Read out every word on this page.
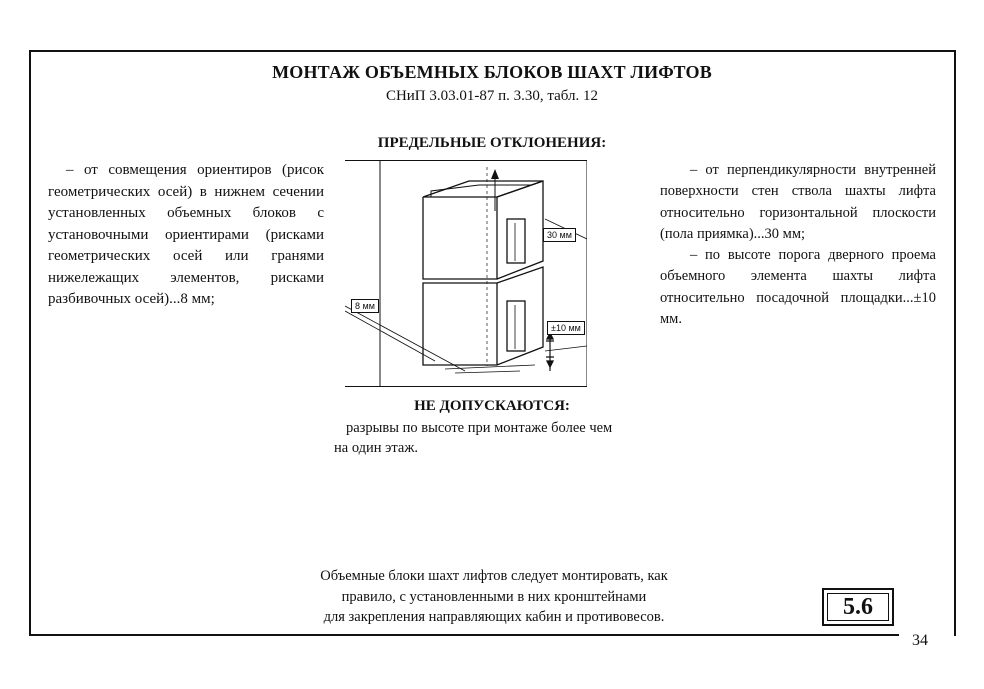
МОНТАЖ ОБЪЕМНЫХ БЛОКОВ ШАХТ ЛИФТОВ
СНиП 3.03.01-87 п. 3.30, табл. 12
ПРЕДЕЛЬНЫЕ ОТКЛОНЕНИЯ:

– от совмещения ориентиров (рисок геометрических осей) в нижнем сечении установленных объемных блоков с установочными ориентирами (рисками геометрических осей или гранями нижележащих элементов, рисками разбивочных осей)...8 мм;

30 мм
8 мм
±10 мм

– от перпендикулярности внутренней поверхности стен ствола шахты лифта относительно горизонтальной плоскости (пола приямка)...30 мм;

– по высоте порога дверного проема объемного элемента шахты лифта относительно посадочной площадки...±10 мм.

НЕ ДОПУСКАЮТСЯ:
разрывы по высоте при монтаже более чем
на один этаж.
Объемные блоки шахт лифтов следует монтировать, как
правило, с установленными в них кронштейнами
для закрепления направляющих кабин и противовесов.	5.6
34
